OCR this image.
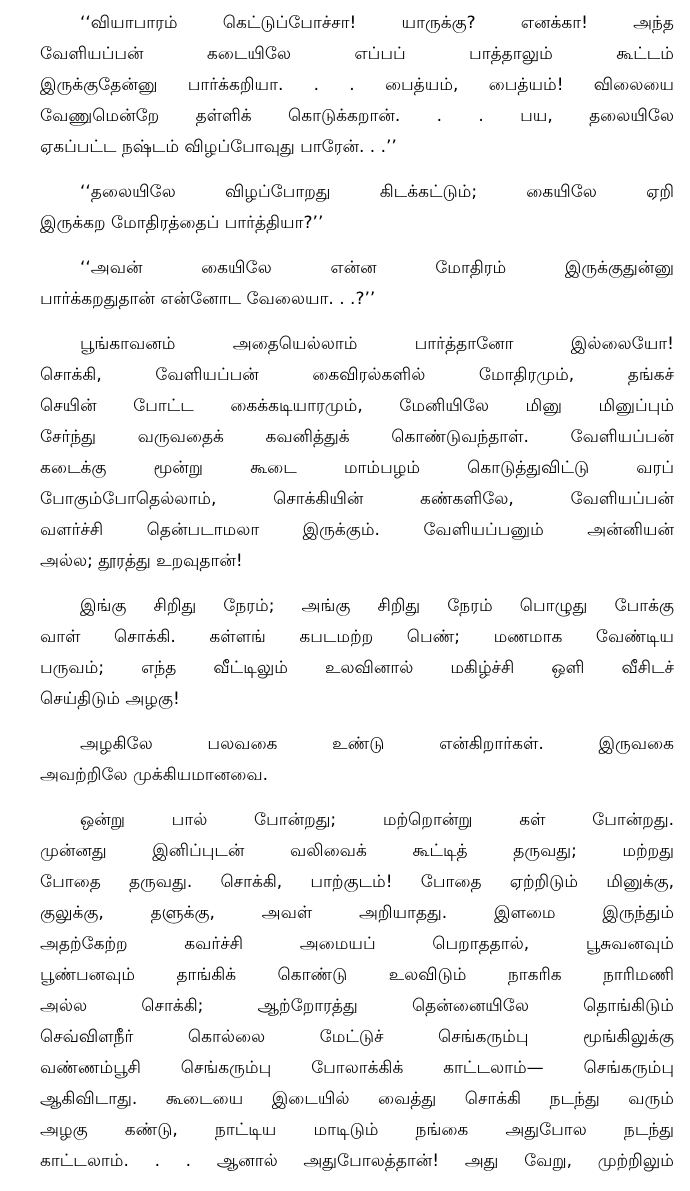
‘‘வியாபாரம் கெட்டுப்போச்சா! யாருக்கு? எனக்கா! அந்த
வேளியப்பன் கடையிலே எப்பப் பாத்தாலும் கூட்டம்
இருக்குதேன்னு பார்க்கறியா. . . பைத்யம், பைத்யம்! விலையை
வேணுமென்றே தள்ளிக் கொடுக்கறான். . . பய, தலையிலே
ஏகப்பட்ட நஷ்டம் விழப்போவுது பாரேன். . .’’
‘‘தலையிலே விழப்போறது கிடக்கட்டும்; கையிலே ஏறி
இருக்கற மோதிரத்தைப் பார்த்தியா?’’
‘‘அவன் கையிலே என்ன மோதிரம் இருக்குதுன்னு
பார்க்கறதுதான் என்னோட வேலையா. . .?’’
பூங்காவனம் அதையெல்லாம் பார்த்தானோ இல்லையோ!
சொக்கி, வேளியப்பன் கைவிரல்களில் மோதிரமும், தங்கச்
செயின் போட்ட கைக்கடியாரமும், மேனியிலே மினு மினுப்பும்
சேர்ந்து வருவதைக் கவனித்துக் கொண்டுவந்தாள். வேளியப்பன்
கடைக்கு மூன்று கூடை மாம்பழம் கொடுத்துவிட்டு வரப்
போகும்போதெல்லாம், சொக்கியின் கண்களிலே, வேளியப்பன்
வளர்ச்சி தென்படாமலா இருக்கும். வேளியப்பனும் அன்னியன்
அல்ல; தூரத்து உறவுதான்!
இங்கு சிறிது நேரம்; அங்கு சிறிது நேரம் பொழுது போக்கு
வாள் சொக்கி. கள்ளங் கபடமற்ற பெண்; மணமாக வேண்டிய
பருவம்; எந்த வீட்டிலும் உலவினால் மகிழ்ச்சி ஒளி வீசிடச்
செய்திடும் அழகு!
அழகிலே பலவகை உண்டு என்கிறார்கள். இருவகை
அவற்றிலே முக்கியமானவை.
ஒன்று பால் போன்றது; மற்றொன்று கள் போன்றது.
முன்னது இனிப்புடன் வலிவைக் கூட்டித் தருவது; மற்றது
போதை தருவது. சொக்கி, பாற்குடம்! போதை ஏற்றிடும் மினுக்கு,
குலுக்கு, தளுக்கு, அவள் அறியாதது. இளமை இருந்தும்
அதற்கேற்ற கவர்ச்சி அமையப் பெறாததால், பூசுவனவும்
பூண்பனவும் தாங்கிக் கொண்டு உலவிடும் நாகரிக நாரிமணி
அல்ல சொக்கி; ஆற்றோரத்து தென்னையிலே தொங்கிடும்
செவ்விளநீர் கொல்லை மேட்டுச் செங்கரும்பு மூங்கிலுக்கு
வண்ணம்பூசி செங்கரும்பு போலாக்கிக் காட்டலாம்— செங்கரும்பு
ஆகிவிடாது. கூடையை இடையில் வைத்து சொக்கி நடந்து வரும்
அழகு கண்டு, நாட்டிய மாடிடும் நங்கை அதுபோல நடந்து
காட்டலாம். . . ஆனால் அதுபோலத்தான்! அது வேறு, முற்றிலும்
